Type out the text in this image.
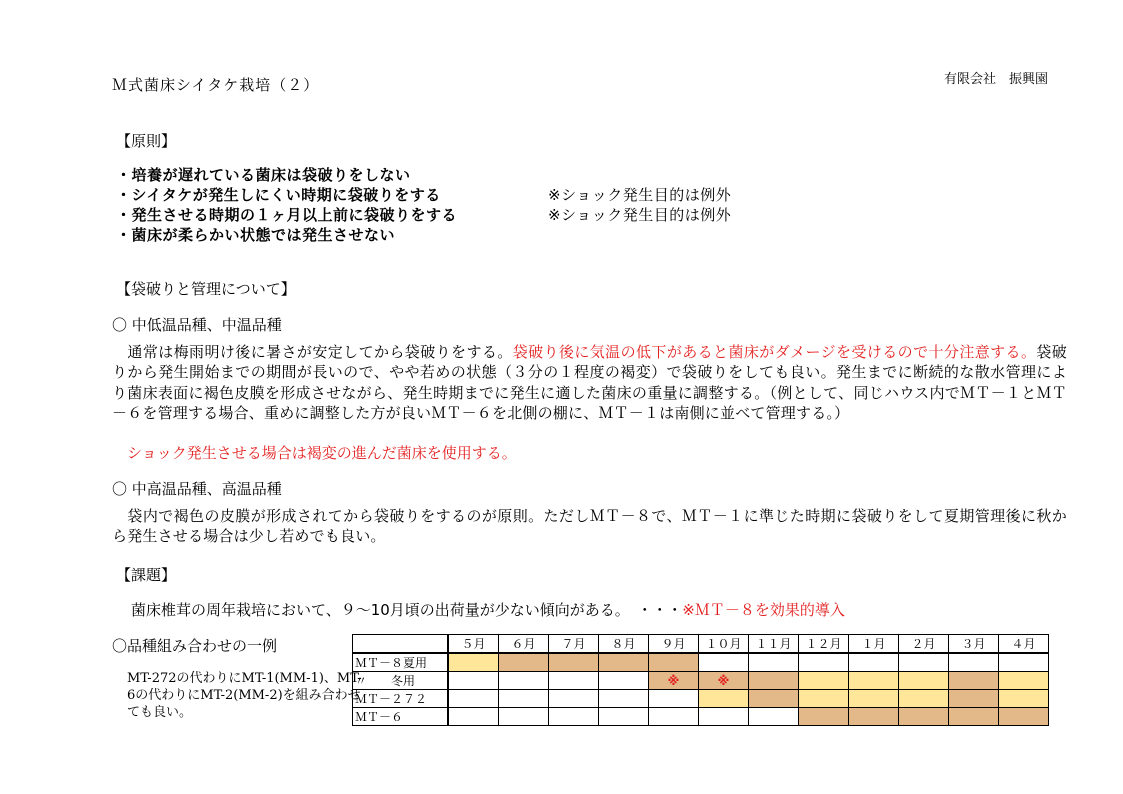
Ｍ式菌床シイタケ栽培（２）	有限会社　振興園
【原則】
・培養が遅れている菌床は袋破りをしない
・シイタケが発生しにくい時期に袋破りをする	※ショック発生目的は例外
・発生させる時期の１ヶ月以上前に袋破りをする	※ショック発生目的は例外
・菌床が柔らかい状態では発生させない
【袋破りと管理について】
〇 中低温品種、中温品種
　通常は梅雨明け後に暑さが安定してから袋破りをする。袋破り後に気温の低下があると菌床がダメージを受けるので十分注意する。袋破りから発生開始までの期間が長いので、やや若めの状態（３分の１程度の褐変）で袋破りをしても良い。発生までに断続的な散水管理により菌床表面に褐色皮膜を形成させながら、発生時期までに発生に適した菌床の重量に調整する。（例として、同じハウス内でＭＴ－１とＭＴ－６を管理する場合、重めに調整した方が良いＭＴ－６を北側の棚に、ＭＴ－１は南側に並べて管理する。）
　ショック発生させる場合は褐変の進んだ菌床を使用する。
〇 中高温品種、高温品種
　袋内で褐色の皮膜が形成されてから袋破りをするのが原則。ただしＭＴ－８で、ＭＴ－１に準じた時期に袋破りをして夏期管理後に秋から発生させる場合は少し若めでも良い。
【課題】
菌床椎茸の周年栽培において、９～10月頃の出荷量が少ない傾向がある。　・・・※ＭＴ－８を効果的導入
〇品種組み合わせの一例
MT-272の代わりにMT-1(MM-1)、MT-6の代わりにMT-2(MM-2)を組み合わせても良い。
	５月	６月	７月	８月	９月	１０月	１１月	１２月	１月	２月	３月	４月
ＭＴ－８夏用												
〃　　冬用					※	※						
ＭＴ－２７２												
ＭＴ－６												
